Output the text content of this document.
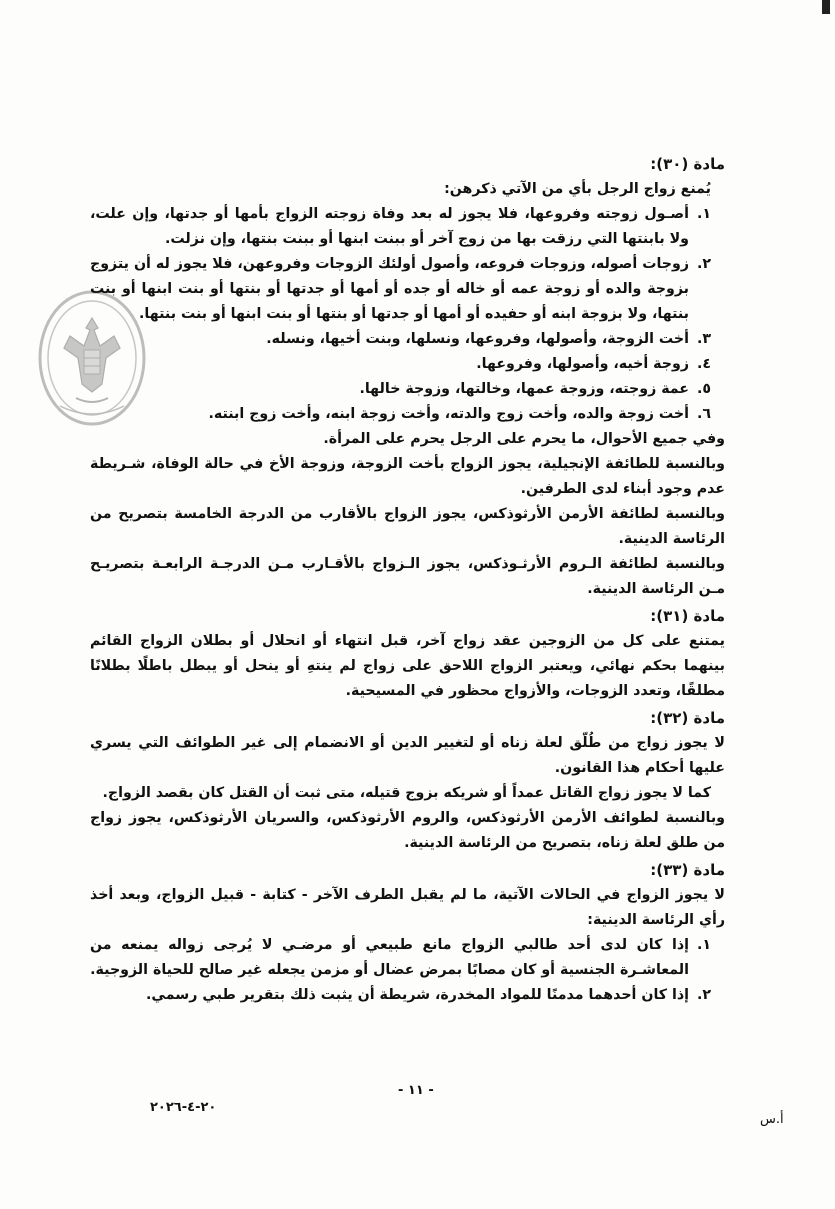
مادة (٣٠):
يُمنع زواج الرجل بأي من الآتي ذكرهن:
١.
أصـول زوجته وفروعها، فلا يجوز له بعد وفاة زوجته الزواج بأمها أو جدتها، وإن علت، ولا بابنتها التي رزقت بها من زوج آخر أو ببنت ابنها أو ببنت بنتها، وإن نزلت.
٢.
زوجات أصوله، وزوجات فروعه، وأصول أولئك الزوجات وفروعهن، فلا يجوز له أن يتزوج بزوجة والده أو زوجة عمه أو خاله أو جده أو أمها أو جدتها أو بنتها أو بنت ابنها أو بنت بنتها، ولا بزوجة ابنه أو حفيده أو أمها أو جدتها أو بنتها أو بنت ابنها أو بنت بنتها.
٣.
أخت الزوجة، وأصولها، وفروعها، ونسلها، وبنت أخيها، ونسله.
٤.
زوجة أخيه، وأصولها، وفروعها.
٥.
عمة زوجته، وزوجة عمها، وخالتها، وزوجة خالها.
٦.
أخت زوجة والده، وأخت زوج والدته، وأخت زوجة ابنه، وأخت زوج ابنته.
وفي جميع الأحوال، ما يحرم على الرجل يحرم على المرأة.
وبالنسبة للطائفة الإنجيلية، يجوز الزواج بأخت الزوجة، وزوجة الأخ في حالة الوفاة، شـريطة عدم وجود أبناء لدى الطرفين.
وبالنسبة لطائفة الأرمن الأرثوذكس، يجوز الزواج بالأقارب من الدرجة الخامسة بتصريح من الرئاسة الدينية.
وبالنسبة لطائفة الـروم الأرثـوذكس، يجوز الـزواج بالأقـارب مـن الدرجـة الرابعـة بتصريـح مـن الرئاسة الدينية.
مادة (٣١):
يمتنع على كل من الزوجين عقد زواج آخر، قبل انتهاء أو انحلال أو بطلان الزواج القائم بينهما بحكم نهائي، ويعتبر الزواج اللاحق على زواج لم ينتهِ أو ينحل أو يبطل باطلًا بطلانًا مطلقًا، وتعدد الزوجات، والأزواج محظور في المسيحية.
مادة (٣٢):
لا يجوز زواج من طُلّق لعلة زناه أو لتغيير الدين أو الانضمام إلى غير الطوائف التي يسري عليها أحكام هذا القانون.
كما لا يجوز زواج القاتل عمداً أو شريكه بزوج قتيله، متى ثبت أن القتل كان بقصد الزواج.
وبالنسبة لطوائف الأرمن الأرثوذكس، والروم الأرثوذكس، والسريان الأرثوذكس، يجوز زواج من طلق لعلة زناه، بتصريح من الرئاسة الدينية.
مادة (٣٣):
لا يجوز الزواج في الحالات الآتية، ما لم يقبل الطرف الآخر - كتابة - قبيل الزواج، وبعد أخذ رأي الرئاسة الدينية:
١.
إذا كان لدى أحد طالبي الزواج مانع طبيعي أو مرضـي لا يُرجى زواله يمنعه من المعاشـرة الجنسية أو كان مصابًا بمرض عضال أو مزمن يجعله غير صالح للحياة الزوجية.
٢.
إذا كان أحدهما مدمنًا للمواد المخدرة، شريطة أن يثبت ذلك بتقرير طبي رسمي.
- ١١ -
٢٠-٤-٢٠٢٦
أ.س
